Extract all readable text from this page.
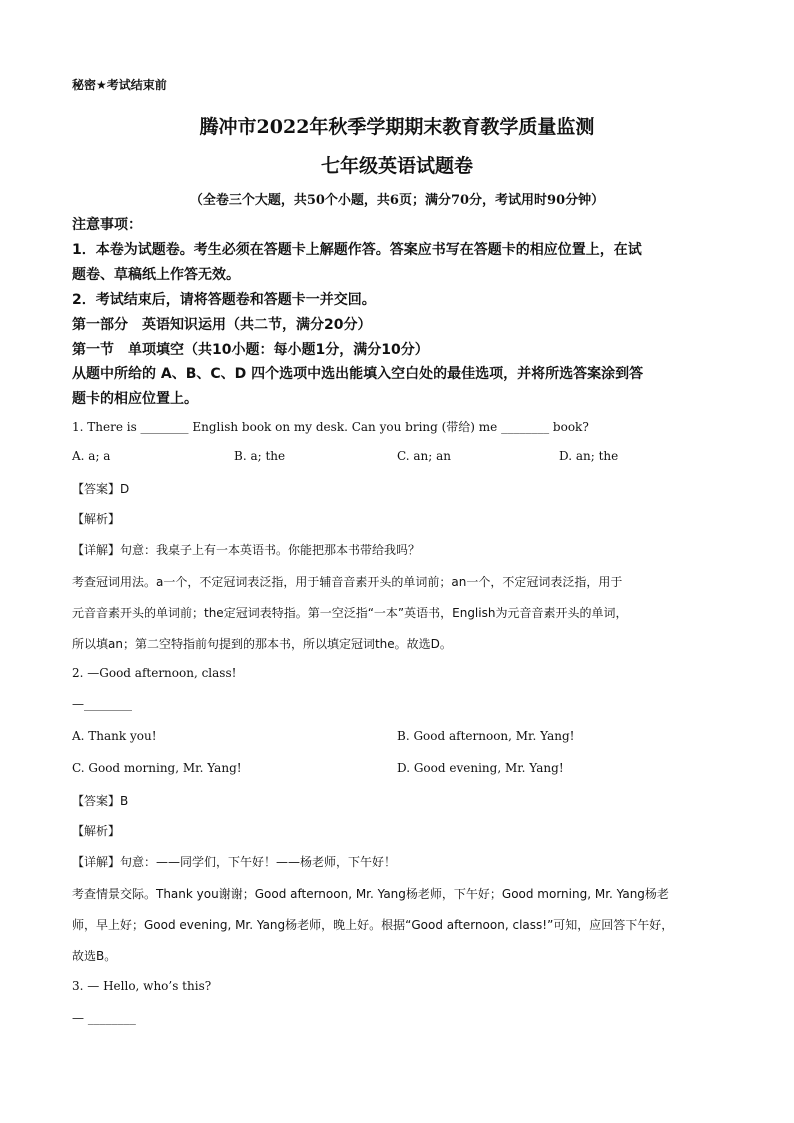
秘密★考试结束前
腾冲市2022年秋季学期期末教育教学质量监测
七年级英语试题卷
（全卷三个大题，共50个小题，共6页；满分70分，考试用时90分钟）
注意事项：
1．本卷为试题卷。考生必须在答题卡上解题作答。答案应书写在答题卡的相应位置上，在试
题卷、草稿纸上作答无效。
2．考试结束后，请将答题卷和答题卡一并交回。
第一部分　英语知识运用（共二节，满分20分）
第一节　单项填空（共10小题：每小题1分，满分10分）
从题中所给的 A、B、C、D 四个选项中选出能填入空白处的最佳选项，并将所选答案涂到答
题卡的相应位置上。
1. There is ________ English book on my desk. Can you bring (带给) me ________ book?
A. a; a	B. a; the	C. an; an	D. an; the
【答案】D
【解析】
【详解】句意：我桌子上有一本英语书。你能把那本书带给我吗？
考查冠词用法。a一个，不定冠词表泛指，用于辅音音素开头的单词前；an一个，不定冠词表泛指，用于
元音音素开头的单词前；the定冠词表特指。第一空泛指“一本”英语书，English为元音音素开头的单词，
所以填an；第二空特指前句提到的那本书，所以填定冠词the。故选D。
2. —Good afternoon, class!
—________
A. Thank you!	B. Good afternoon, Mr. Yang!
C. Good morning, Mr. Yang!	D. Good evening, Mr. Yang!
【答案】B
【解析】
【详解】句意：——同学们，下午好！——杨老师，下午好！
考查情景交际。Thank you谢谢；Good afternoon, Mr. Yang杨老师，下午好；Good morning, Mr. Yang杨老
师，早上好；Good evening, Mr. Yang杨老师，晚上好。根据“Good afternoon, class!”可知，应回答下午好，
故选B。
3. — Hello, who’s this?
— ________
